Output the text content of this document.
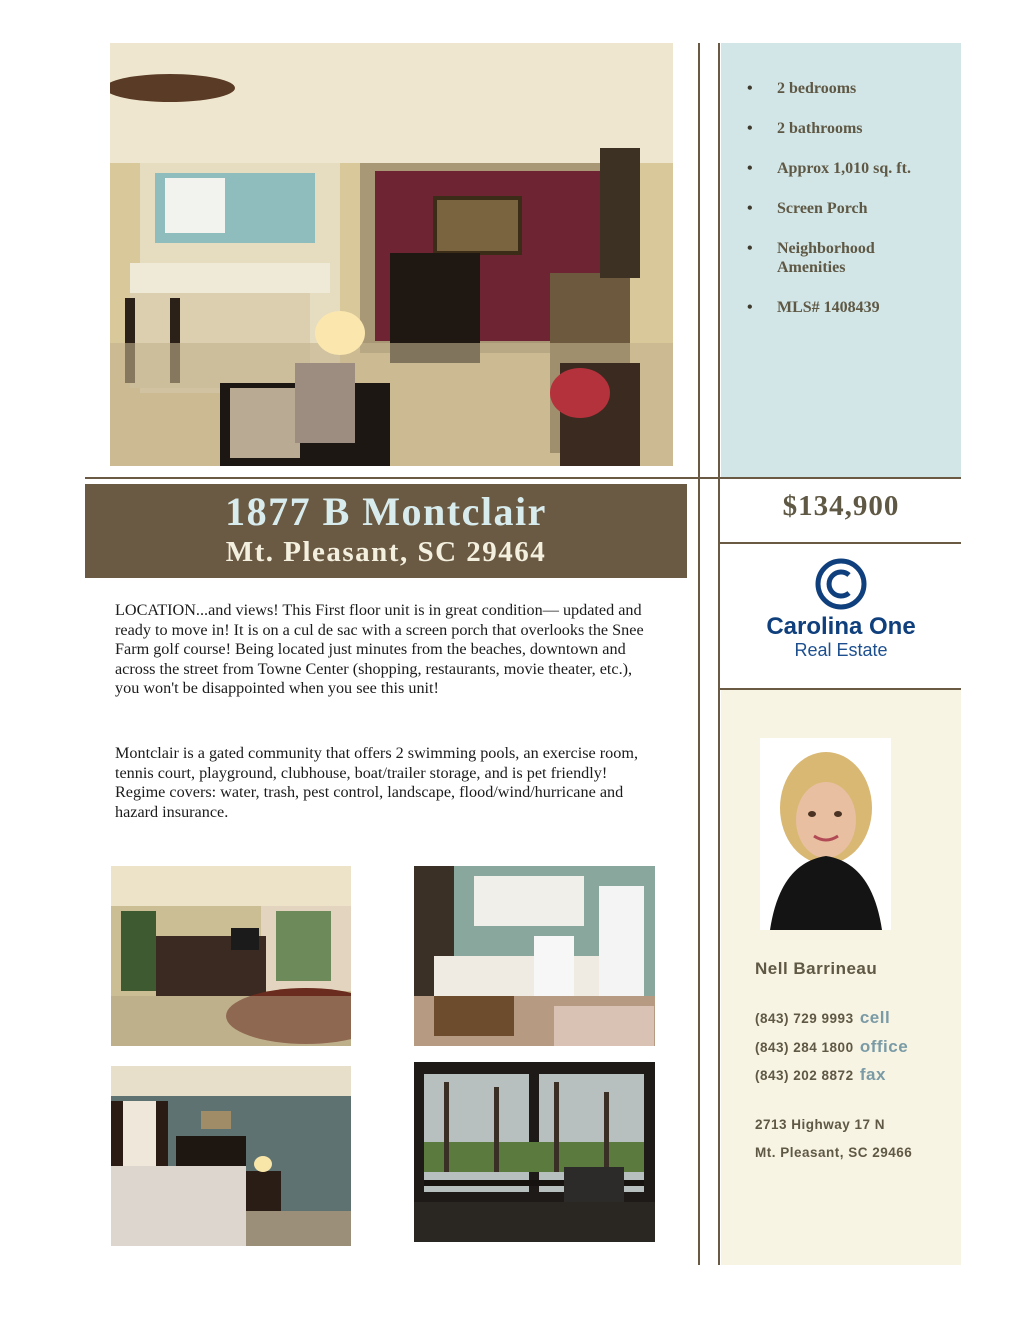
• 2 bedrooms
• 2 bathrooms
• Approx 1,010 sq. ft.
• Screen Porch
• Neighborhood Amenities
• MLS# 1408439
$134,900
Carolina One
Real Estate
Nell Barrineau
(843) 729 9993 cell
(843) 284 1800 office
(843) 202 8872 fax
2713 Highway 17 N
Mt. Pleasant, SC 29466
1877 B Montclair
Mt. Pleasant, SC 29464

LOCATION...and views! This First floor unit is in great condition— updated and ready to move in! It is on a cul de sac with a screen porch that overlooks the Snee Farm golf course! Being located just minutes from the beaches, downtown and across the street from Towne Center (shopping, restaurants, movie theater, etc.), you won't be disappointed when you see this unit!

Montclair is a gated community that offers 2 swimming pools, an exercise room, tennis court, playground, clubhouse, boat/trailer storage, and is pet friendly! Regime covers: water, trash, pest control, landscape, flood/wind/hurricane and hazard insurance.
